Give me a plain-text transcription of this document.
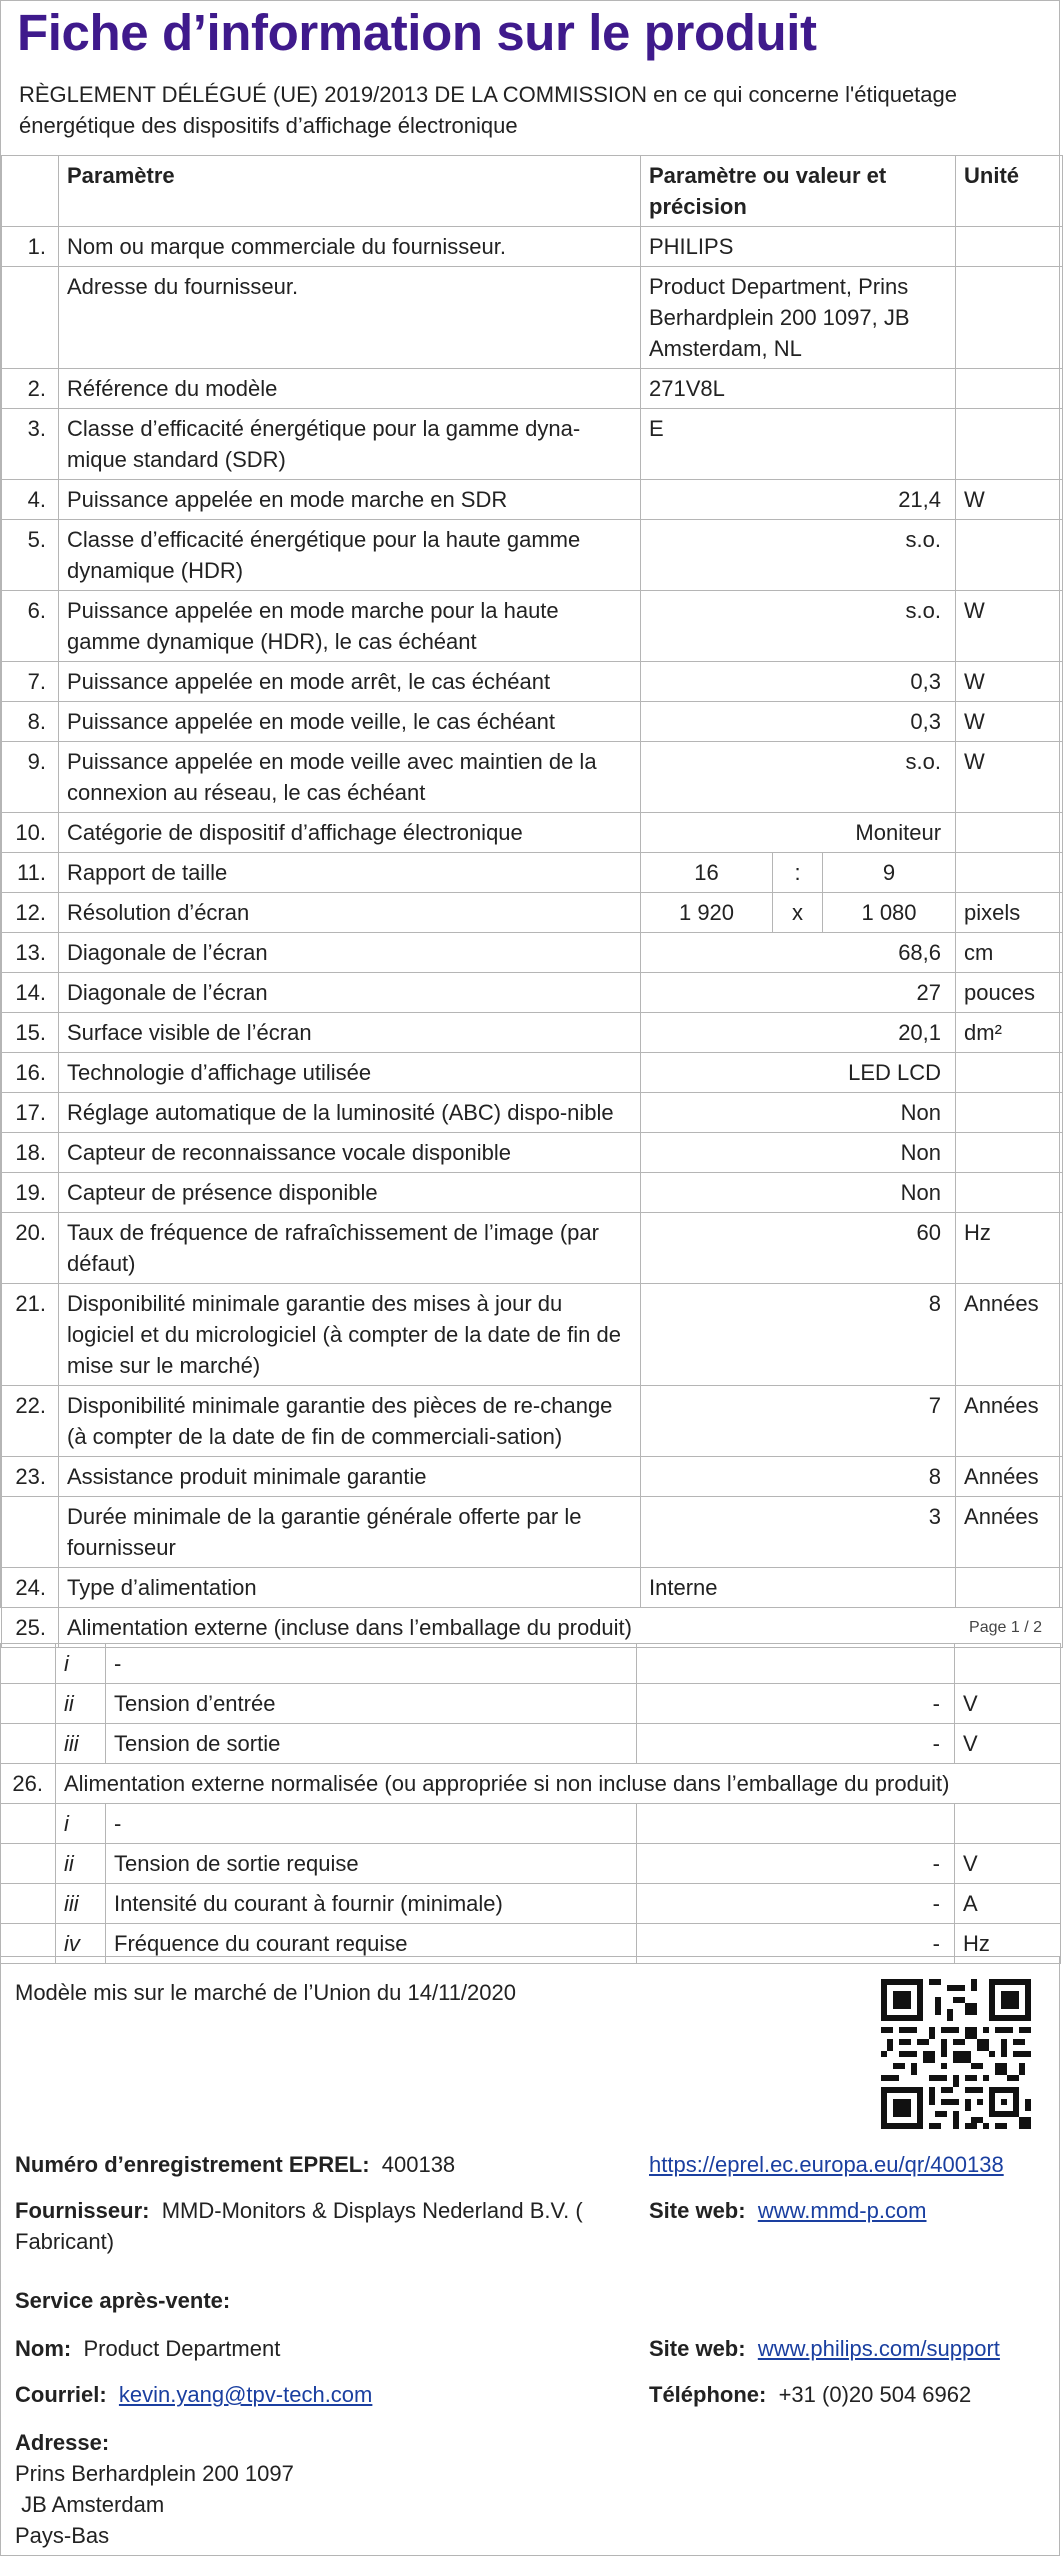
Fiche d’information sur le produit
RÈGLEMENT DÉLÉGUÉ (UE) 2019/2013 DE LA COMMISSION en ce qui concerne l'étiquetage énergétique des dispositifs d’affichage électronique
	Paramètre	Paramètre ou valeur et précision			Unité
1.	Nom ou marque commerciale du fournisseur.	PHILIPS			
	Adresse du fournisseur.	Product Department, Prins Berhardplein 200 1097, JB Amsterdam, NL			
2.	Référence du modèle	271V8L			
3.	Classe d’efficacité énergétique pour la gamme dyna-mique standard (SDR)	E			
4.	Puissance appelée en mode marche en SDR	21,4			W
5.	Classe d’efficacité énergétique pour la haute gamme dynamique (HDR)	s.o.			
6.	Puissance appelée en mode marche pour la haute gamme dynamique (HDR), le cas échéant	s.o.			W
7.	Puissance appelée en mode arrêt, le cas échéant	0,3			W
8.	Puissance appelée en mode veille, le cas échéant	0,3			W
9.	Puissance appelée en mode veille avec maintien de la connexion au réseau, le cas échéant	s.o.			W
10.	Catégorie de dispositif d’affichage électronique	Moniteur			
11.	Rapport de taille	16	:	9	
12.	Résolution d’écran	1 920	x	1 080	pixels
13.	Diagonale de l’écran	68,6			cm
14.	Diagonale de l’écran	27			pouces
15.	Surface visible de l’écran	20,1			dm²
16.	Technologie d’affichage utilisée	LED LCD			
17.	Réglage automatique de la luminosité (ABC) dispo-nible	Non			
18.	Capteur de reconnaissance vocale disponible	Non			
19.	Capteur de présence disponible	Non			
20.	Taux de fréquence de rafraîchissement de l’image (par défaut)	60			Hz
21.	Disponibilité minimale garantie des mises à jour du logiciel et du micrologiciel (à compter de la date de fin de mise sur le marché)	8			Années
22.	Disponibilité minimale garantie des pièces de re-change (à compter de la date de fin de commerciali-sation)	7			Années
23.	Assistance produit minimale garantie	8			Années
	Durée minimale de la garantie générale offerte par le fournisseur	3			Années
24.	Type d’alimentation	Interne			
25.	Alimentation externe (incluse dans l’emballage du produit)					Page 1 / 2
	i	-		
	ii	Tension d’entrée	-	V
	iii	Tension de sortie	-	V
26.	Alimentation externe normalisée (ou appropriée si non incluse dans l’emballage du produit)			
	i	-		
	ii	Tension de sortie requise	-	V
	iii	Intensité du courant à fournir (minimale)	-	A
	iv	Fréquence du courant requise	-	Hz
Modèle mis sur le marché de l’Union du 14/11/2020
Numéro d’enregistrement EPREL: 400138	https://eprel.ec.europa.eu/qr/400138
Fournisseur: MMD-Monitors & Displays Nederland B.V. (
Fabricant)
Site web: www.mmd-p.com
Service après-vente:
Nom: Product Department	Site web: www.philips.com/support
Courriel: kevin.yang@tpv-tech.com	Téléphone: +31 (0)20 504 6962
Adresse:
Prins Berhardplein 200 1097
JB Amsterdam
Pays-Bas
